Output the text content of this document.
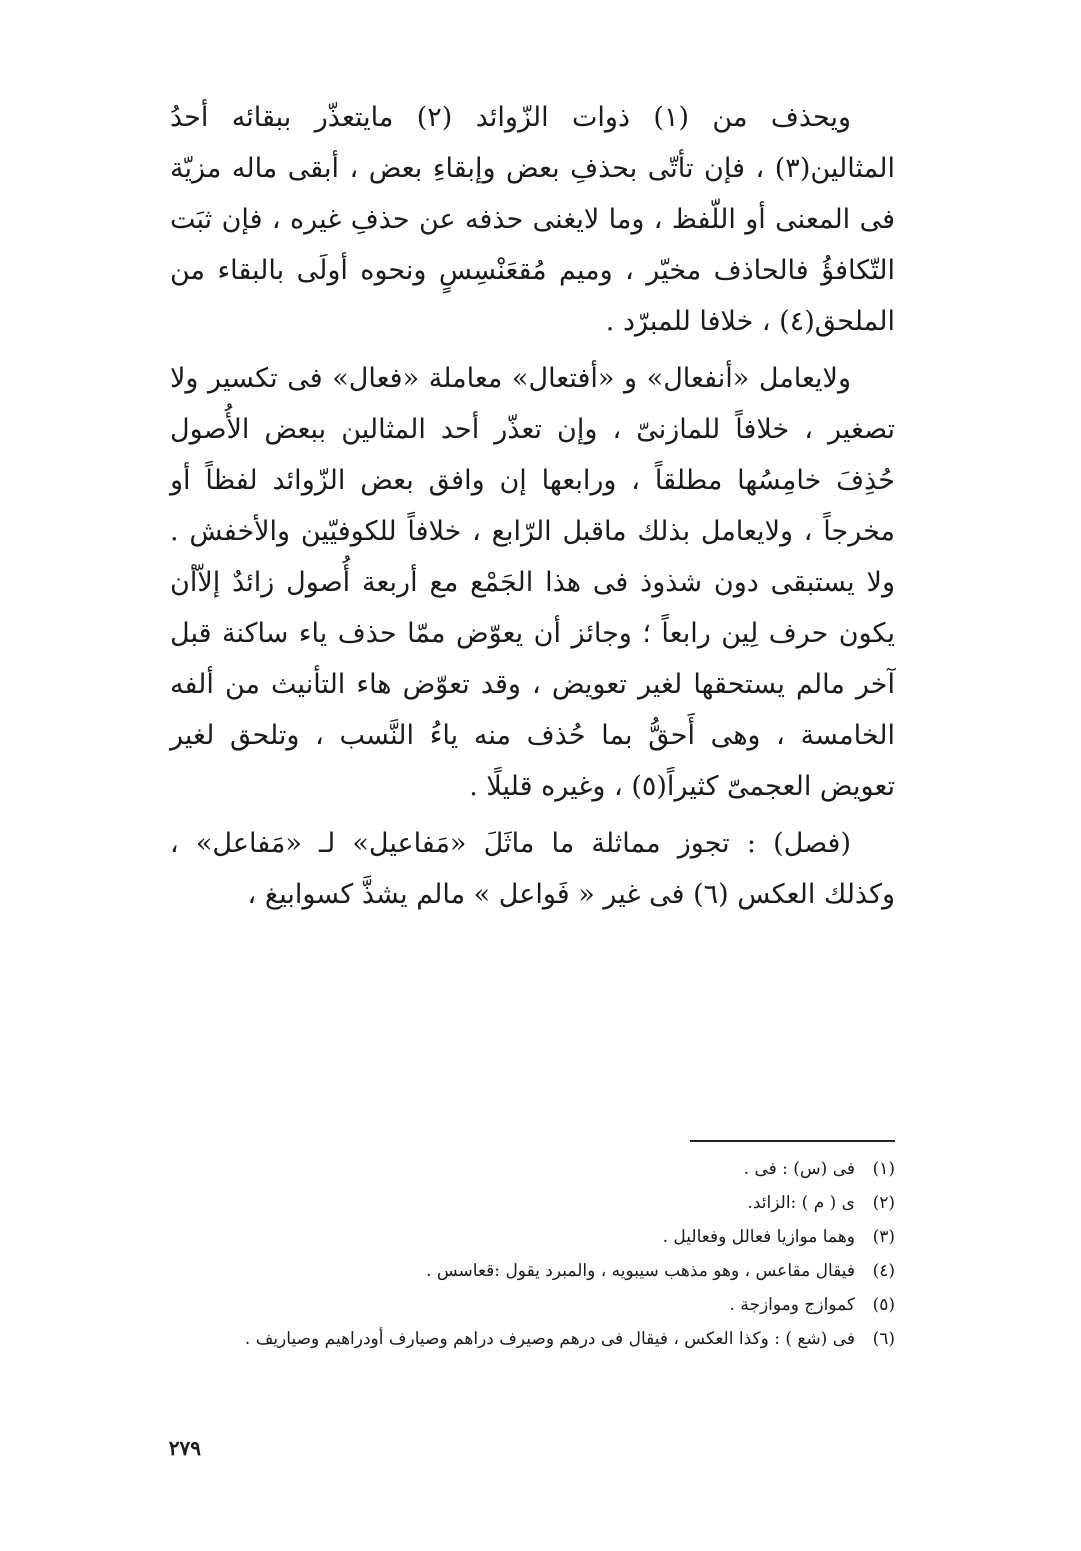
ويحذف من (١) ذوات الزّوائد (٢) مايتعذّر ببقائه أحدُ المثالين(٣) ، فإن تأتّى بحذفِ بعض وإبقاءِ بعض ، أبقى ماله مزيّة فى المعنى أو اللّفظ ، وما لايغنى حذفه عن حذفِ غيره ، فإن ثبَت التّكافؤُ فالحاذف مخيّر ، وميم مُقعَنْسِسٍ ونحوه أولَى بالبقاء من الملحق(٤) ، خلافا للمبرّد .

ولايعامل «أنفعال» و «أفتعال» معاملة «فعال» فى تكسير ولا تصغير ، خلافاً للمازنىّ ، وإن تعذّر أحد المثالين ببعض الأُصول حُذِفَ خامِسُها مطلقاً ، ورابعها إن وافق بعض الزّوائد لفظاً أو مخرجاً ، ولايعامل بذلك ماقبل الرّابع ، خلافاً للكوفيّين والأخفش . ولا يستبقى دون شذوذ فى هذا الجَمْع مع أربعة أُصول زائدٌ إلاّأن يكون حرف لِين رابعاً ؛ وجائز أن يعوّض ممّا حذف ياء ساكنة قبل آخر مالم يستحقها لغير تعويض ، وقد تعوّض هاء التأنيث من ألفه الخامسة ، وهى أَحقُّ بما حُذف منه ياءُ النَّسب ، وتلحق لغير تعويض العجمىّ كثيراً(٥) ، وغيره قليلًا .

(فصل) : تجوز مماثلة ما ماثَلَ «مَفاعيل» لـ «مَفاعل» ، وكذلك العكس (٦) فى غير « فَواعل » مالم يشذَّ كسوابيغ ،

(١)
فى (س) : فى .
(٢)
ى ( م ) :الزائد.
(٣)
وهما موازيا فعالل وفعاليل .
(٤)
فيقال مقاعس ، وهو مذهب سيبويه ، والمبرد يقول :قعاسس .
(٥)
كموازج وموازجة .
(٦)
فى (شع ) : وكذا العكس ، فيقال فى درهم وصيرف دراهم وصيارف أودراهيم وصياريف .
٢٧٩
